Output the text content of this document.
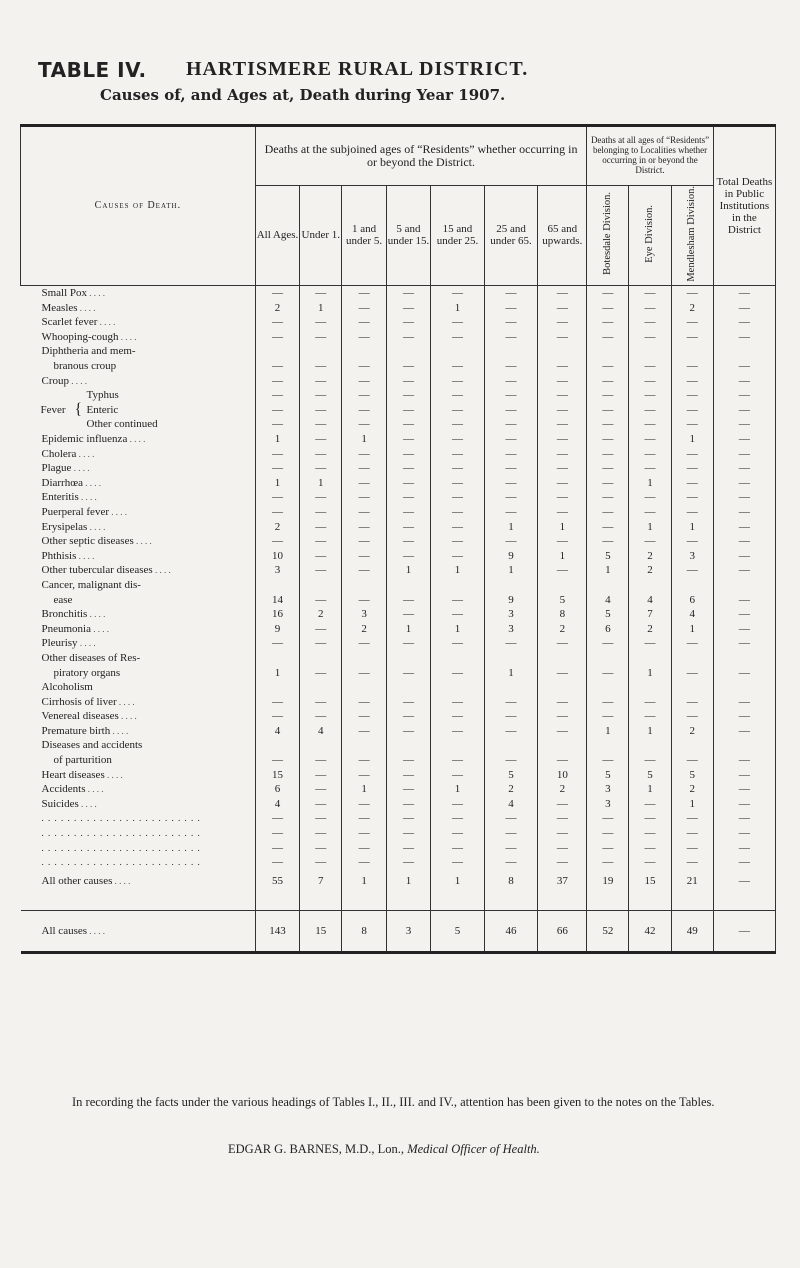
TABLE IV. HARTISMERE RURAL DISTRICT.
Causes of, and Ages at, Death during Year 1907.
Causes of Death.	Deaths at the subjoined ages of “Residents” whether occurring in or beyond the District.							Deaths at all ages of “Residents” belonging to Localities whether occurring in or beyond the District.			Total Deaths in Public Institutions in the District
	All Ages.	Under 1.	1 and under 5.	5 and under 15.	15 and under 25.	25 and under 65.	65 and upwards.	Botesdale Division.	Eye Division.	Mendlesham Division.	
Small Pox . . . .	—	—	—	—	—	—	—	—	—	—	—
Measles . . . .	2	1	—	—	1	—	—	—	—	2	—
Scarlet fever . . . .	—	—	—	—	—	—	—	—	—	—	—
Whooping-cough . . . .	—	—	—	—	—	—	—	—	—	—	—
Diphtheria and mem-											
branous croup	—	—	—	—	—	—	—	—	—	—	—
Croup . . . .	—	—	—	—	—	—	—	—	—	—	—
Typhus	—	—	—	—	—	—	—	—	—	—	—

Fever { Enteric	—	—	—	—	—	—	—	—	—	—	—
Other continued	—	—	—	—	—	—	—	—	—	—	—
Epidemic influenza . . . .	1	—	1	—	—	—	—	—	—	1	—
Cholera . . . .	—	—	—	—	—	—	—	—	—	—	—
Plague . . . .	—	—	—	—	—	—	—	—	—	—	—
Diarrhœa . . . .	1	1	—	—	—	—	—	—	1	—	—
Enteritis . . . .	—	—	—	—	—	—	—	—	—	—	—
Puerperal fever . . . .	—	—	—	—	—	—	—	—	—	—	—
Erysipelas . . . .	2	—	—	—	—	1	1	—	1	1	—
Other septic diseases . . . .	—	—	—	—	—	—	—	—	—	—	—
Phthisis . . . .	10	—	—	—	—	9	1	5	2	3	—
Other tubercular diseases . . . .	3	—	—	1	1	1	—	1	2	—	—
Cancer, malignant dis-											
ease	14	—	—	—	—	9	5	4	4	6	—
Bronchitis . . . .	16	2	3	—	—	3	8	5	7	4	—
Pneumonia . . . .	9	—	2	1	1	3	2	6	2	1	—
Pleurisy . . . .	—	—	—	—	—	—	—	—	—	—	—
Other diseases of Res-											
piratory organs	1	—	—	—	—	1	—	—	1	—	—
Alcoholism											
Cirrhosis of liver . . . .	—	—	—	—	—	—	—	—	—	—	—
Venereal diseases . . . .	—	—	—	—	—	—	—	—	—	—	—
Premature birth . . . .	4	4	—	—	—	—	—	1	1	2	—
Diseases and accidents											
of parturition	—	—	—	—	—	—	—	—	—	—	—
Heart diseases . . . .	15	—	—	—	—	5	10	5	5	5	—
Accidents . . . .	6	—	1	—	1	2	2	3	1	2	—
Suicides . . . .	4	—	—	—	—	4	—	3	—	1	—
. . . . . . . . . . . . . . . . . . . . . . . . .	—	—	—	—	—	—	—	—	—	—	—
. . . . . . . . . . . . . . . . . . . . . . . . .	—	—	—	—	—	—	—	—	—	—	—
. . . . . . . . . . . . . . . . . . . . . . . . .	—	—	—	—	—	—	—	—	—	—	—
. . . . . . . . . . . . . . . . . . . . . . . . .	—	—	—	—	—	—	—	—	—	—	—
All other causes . . . .	55	7	1	1	1	8	37	19	15	21	—

All causes . . . .	143	15	8	3	5	46	66	52	42	49	—
In recording the facts under the various headings of Tables I., II., III. and IV., attention has been given to the notes on the Tables.
EDGAR G. BARNES, M.D., Lon., Medical Officer of Health.
